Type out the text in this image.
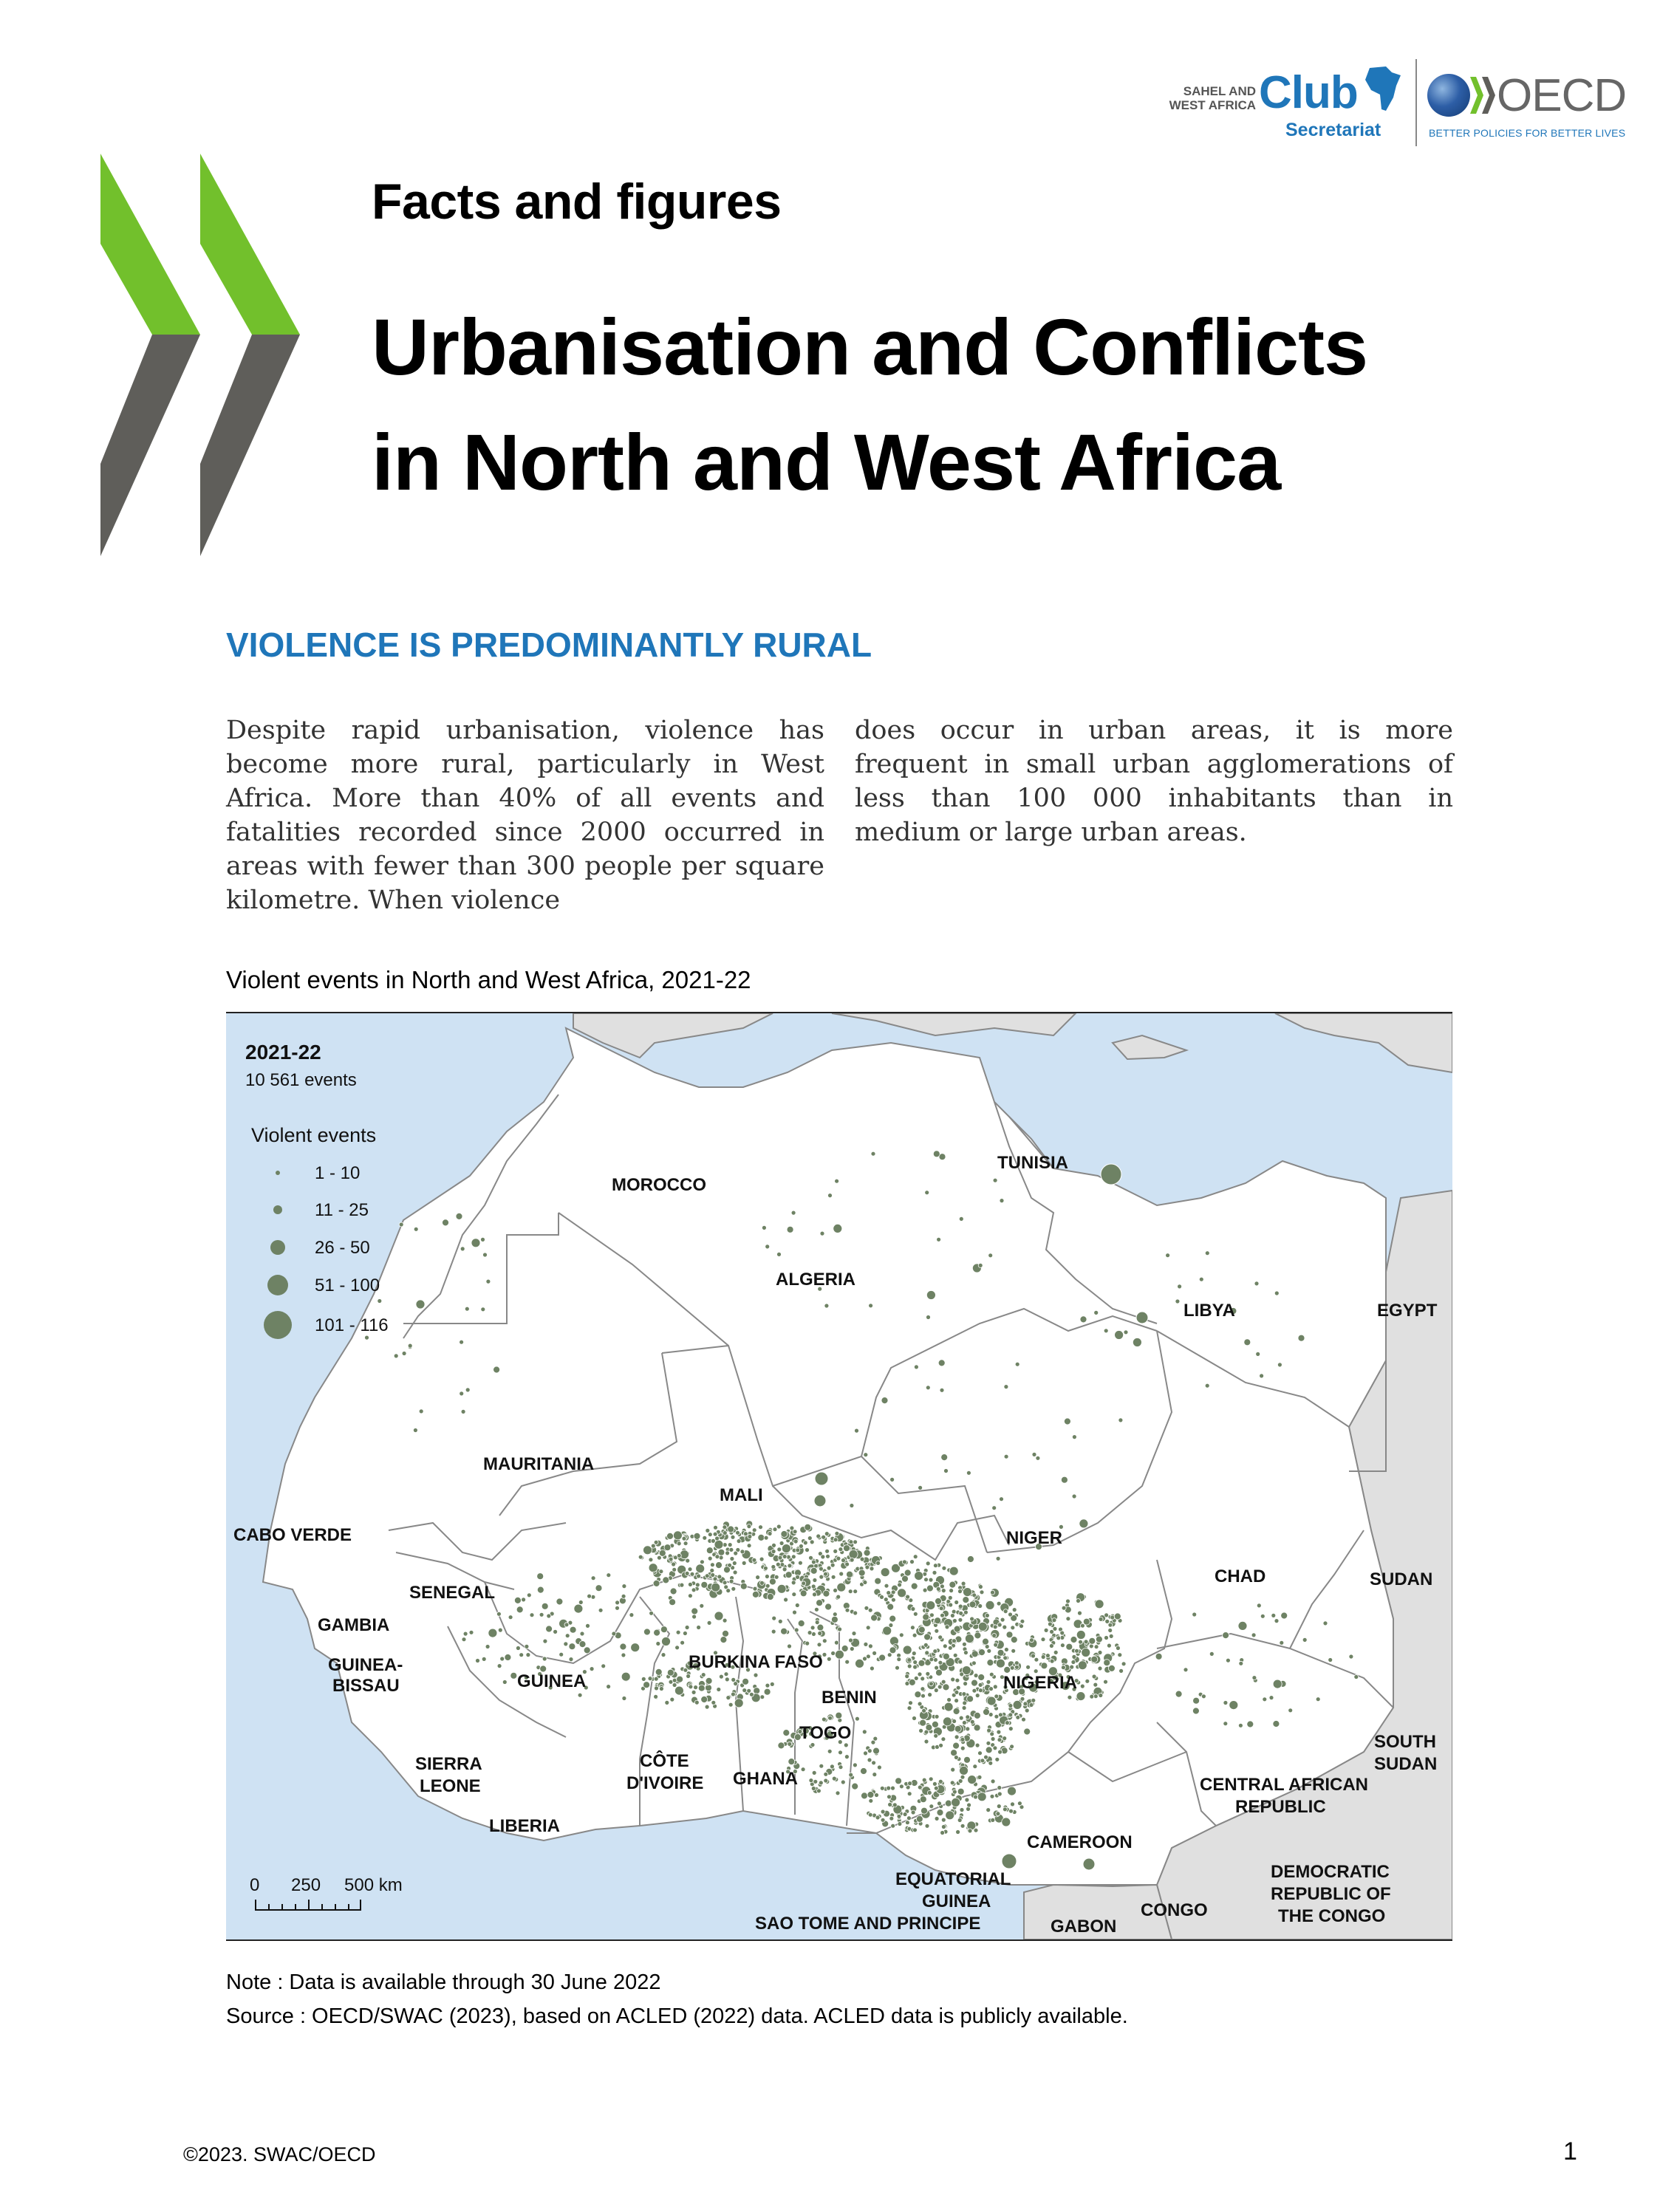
SAHEL AND
WEST AFRICA Club
Secretariat
OECD
BETTER POLICIES FOR BETTER LIVES
Facts and figures
Urbanisation and Conflicts
in North and West Africa
VIOLENCE IS PREDOMINANTLY RURAL
Despite rapid urbanisation, violence has become more rural, particularly in West Africa. More than 40% of all events and fatalities recorded since 2000 occurred in areas with fewer than 300 people per square kilometre. When violence
does occur in urban areas, it is more frequent in small urban agglomerations of less than 100 000 inhabitants than in medium or large urban areas.
Violent events in North and West Africa, 2021-22
2021-22
10 561 events
Violent events
1 - 10
11 - 25
26 - 50
51 - 100
101 - 116
0 250 500 km
MOROCCO
ALGERIA
TUNISIA
LIBYA	EGYPT
MAURITANIA
MALI
NIGER
CHAD	SUDAN
CABO VERDE
SENEGAL
GAMBIA
GUINEA-
BISSAU	GUINEA
BURKINA FASO
BENIN
NIGERIA
TOGO
SIERRA
LEONE
CÔTE
D'IVOIRE GHANA
LIBERIA
SOUTH
SUDAN
CENTRAL AFRICAN
REPUBLIC
CAMEROON
EQUATORIAL
GUINEA
DEMOCRATIC
REPUBLIC OF
THE CONGO
CONGO
SAO TOME AND PRINCIPE	GABON
Note : Data is available through 30 June 2022
Source : OECD/SWAC (2023), based on ACLED (2022) data. ACLED data is publicly available.
©2023. SWAC/OECD	1
